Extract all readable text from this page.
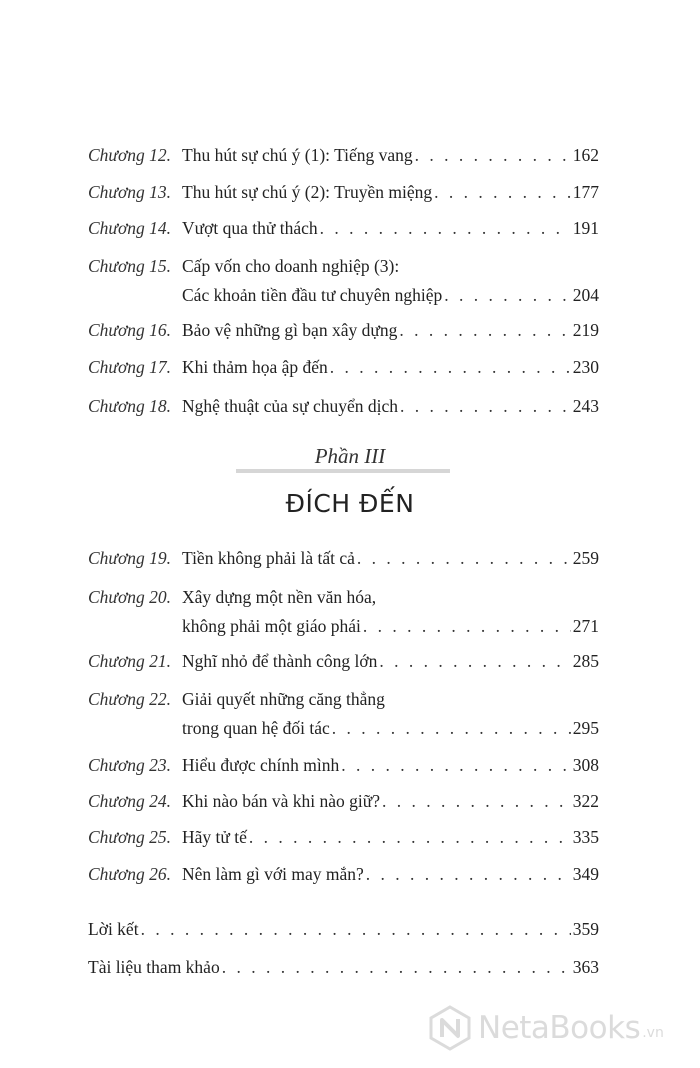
Chương 12. Thu hút sự chú ý (1): Tiếng vang . . .	162
Chương 13. Thu hút sự chú ý (2): Truyền miệng . . .	177
Chương 14. Vượt qua thử thách . . .	191
Chương 15. Cấp vốn cho doanh nghiệp (3):
Các khoản tiền đầu tư chuyên nghiệp . . .	204
Chương 16. Bảo vệ những gì bạn xây dựng . . .	219
Chương 17. Khi thảm họa ập đến . . .	230
Chương 18. Nghệ thuật của sự chuyển dịch . . .	243
Phần III
ĐÍCH ĐẾN
Chương 19. Tiền không phải là tất cả . . .	259
Chương 20. Xây dựng một nền văn hóa,
không phải một giáo phái . . .	271
Chương 21. Nghĩ nhỏ để thành công lớn . . .	285
Chương 22. Giải quyết những căng thẳng
trong quan hệ đối tác . . .	295
Chương 23. Hiểu được chính mình . . .	308
Chương 24. Khi nào bán và khi nào giữ? . . .	322
Chương 25. Hãy tử tế . . .	335
Chương 26. Nên làm gì với may mắn? . . .	349
Lời kết . . .	359
Tài liệu tham khảo . . .	363
NetaBooks .vn
